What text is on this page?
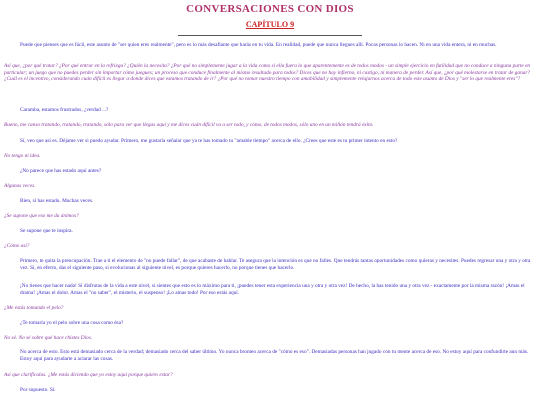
CONVERSACIONES CON DIOS
CAPÍTULO 9

Puede que pienses que es fácil, este asunto de "ser quien eres realmente", pero es lo más desafiante que harás en tu vida. En realidad, puede que nunca llegues allí. Pocas personas lo hacen. Ni en una vida entera, ni en muchas.

Así que, ¿por qué tratar? ¿Por qué entrar en la refriega? ¿Quién la necesita? ¿Por qué no simplemente jugar a la vida como si ella fuera lo que aparentemente es de todos modos - un simple ejercicio en futilidad que no conduce a ninguna parte en particular; un juego que no puedes perder sin importar cómo juegues; un proceso que conduce finalmente al mismo resultado para todos? Dices que no hay infierno, ni castigo, ni manera de perder. Así que, ¿por qué molestarse en tratar de ganar? ¿Cuál es el incentivo, considerando cuán difícil es llegar a donde dices que estamos tratando de ir? ¿Por qué no tomar nuestro tiempo con amabilidad y simplemente relajarnos acerca de todo este asunto de Dios y "ser lo que realmente eres"?

Caramba, estamos frustrados, ¿verdad ...?

Bueno, me canso tratando, tratando, tratando, sólo para ver que llegas aquí y me dices cuán difícil va a ser todo, y cómo, de todos modos, sólo uno en un millón tendrá éxito.

Sí, veo que así es. Déjame ver si puedo ayudar. Primero, me gustaría señalar que ya te has tomado tu "amable tiempo" acerca de ello. ¿Crees que este es tu primer intento en esto?

No tengo ni idea.

¿No parece que has estado aquí antes?

Algunas veces.

Bien, sí has estado. Muchas veces.

¿Se supone que eso me da ánimos?

Se supone que te inspira.

¿Cómo así?

Primero, te quita la preocupación. Trae a ti el elemento de "no puede fallar", de que acabaste de hablar. Te asegura que la intención es que no falles. Que tendrás tantas oportunidades como quieras y necesites. Puedes regresar una y otra y otra vez. Si, en efecto, das el siguiente paso, si evolucionas al siguiente nivel, es porque quieres hacerlo, no porque tienes que hacerlo.

¡No tienes que hacer nada! Si disfrutas de la vida a este nivel, si sientes que esto es lo máximo para ti, ¡puedes tener esta experiencia una y otra y otra vez! De hecho, la has tenido una y otra vez - exactamente por la misma razón! ¡Amas el drama! ¡Amas el dolor. Amas el "no saber", el misterio, el suspenso! ¡Lo amas todo! Por eso estás aquí.

¿Me estás tomando el pelo?

¿Te tomaría yo el pelo sobre una cosa como ésa?

No sé. No sé sobre qué hace chistes Dios.

No acerca de esto. Esto está demasiado cerca de la verdad; demasiado cerca del saber último. Yo nunca bromeo acerca de "cómo es eso". Demasiadas personas han jugado con tu mente acerca de eso. No estoy aquí para confundirte aun más. Estoy aquí para ayudarte a aclarar las cosas.

Así que clarifícalas. ¿Me estás diciendo que yo estoy aquí porque quiero estar?

Por supuesto. Sí.
